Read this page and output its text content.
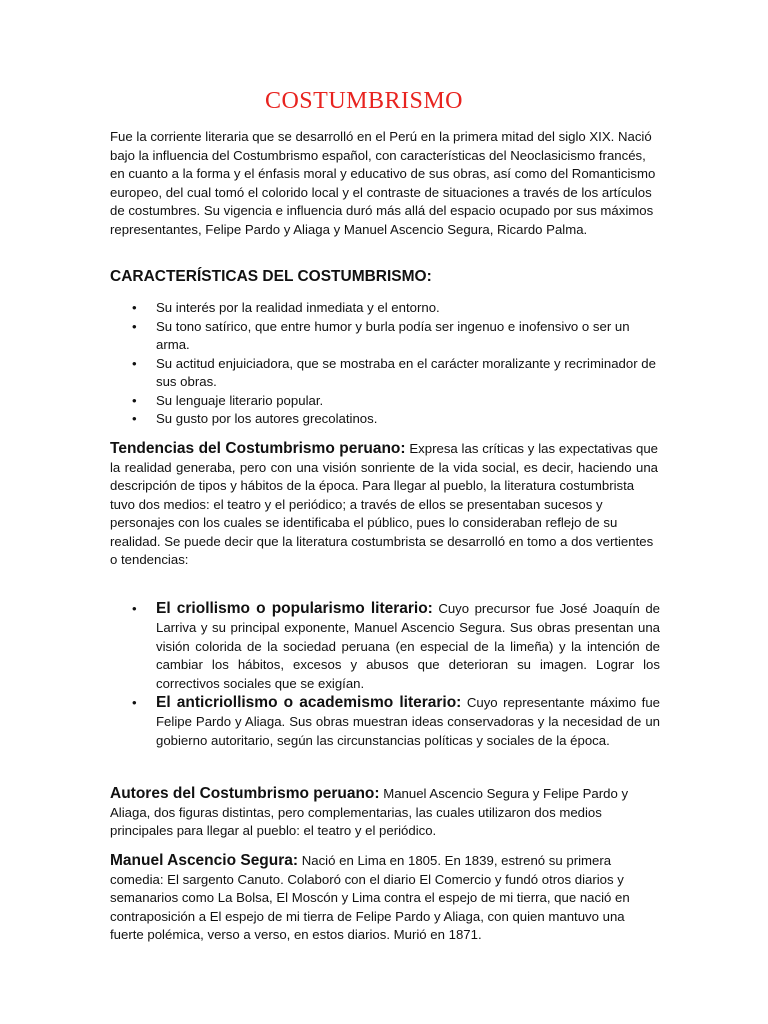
COSTUMBRISMO
Fue la corriente literaria que se desarrolló en el Perú en la primera mitad del siglo XIX. Nació bajo la influencia del Costumbrismo español, con características del Neoclasicismo francés, en cuanto a la forma y el énfasis moral y educativo de sus obras, así como del Romanticismo europeo, del cual tomó el colorido local y el contraste de situaciones a través de los artículos de costumbres. Su vigencia e influencia duró más allá del espacio ocupado por sus máximos representantes, Felipe Pardo y Aliaga y Manuel Ascencio Segura, Ricardo Palma.
CARACTERÍSTICAS DEL COSTUMBRISMO:
• Su interés por la realidad inmediata y el entorno.
• Su tono satírico, que entre humor y burla podía ser ingenuo e inofensivo o ser un arma.
• Su actitud enjuiciadora, que se mostraba en el carácter moralizante y recriminador de sus obras.
• Su lenguaje literario popular.
• Su gusto por los autores grecolatinos.
Tendencias del Costumbrismo peruano: Expresa las críticas y las expectativas que la realidad generaba, pero con una visión sonriente de la vida social, es decir, haciendo una descripción de tipos y hábitos de la época. Para llegar al pueblo, la literatura costumbrista

tuvo dos medios: el teatro y el periódico; a través de ellos se presentaban sucesos y personajes con los cuales se identificaba el público, pues lo consideraban reflejo de su realidad. Se puede decir que la literatura costumbrista se desarrolló en tomo a dos vertientes o tendencias:
• El criollismo o popularismo literario: Cuyo precursor fue José Joaquín de Larriva y su principal exponente, Manuel Ascencio Segura. Sus obras presentan una visión colorida de la sociedad peruana (en especial de la limeña) y la intención de cambiar los hábitos, excesos y abusos que deterioran su imagen. Lograr los correctivos sociales que se exigían.
• El anticriollismo o academismo literario: Cuyo representante máximo fue Felipe Pardo y Aliaga. Sus obras muestran ideas conservadoras y la necesidad de un gobierno autoritario, según las circunstancias políticas y sociales de la época.
Autores del Costumbrismo peruano: Manuel Ascencio Segura y Felipe Pardo y Aliaga, dos figuras distintas, pero complementarias, las cuales utilizaron dos medios principales para llegar al pueblo: el teatro y el periódico.
Manuel Ascencio Segura: Nació en Lima en 1805. En 1839, estrenó su primera comedia: El sargento Canuto. Colaboró con el diario El Comercio y fundó otros diarios y semanarios como La Bolsa, El Moscón y Lima contra el espejo de mi tierra, que nació en contraposición a El espejo de mi tierra de Felipe Pardo y Aliaga, con quien mantuvo una fuerte polémica, verso a verso, en estos diarios. Murió en 1871.
